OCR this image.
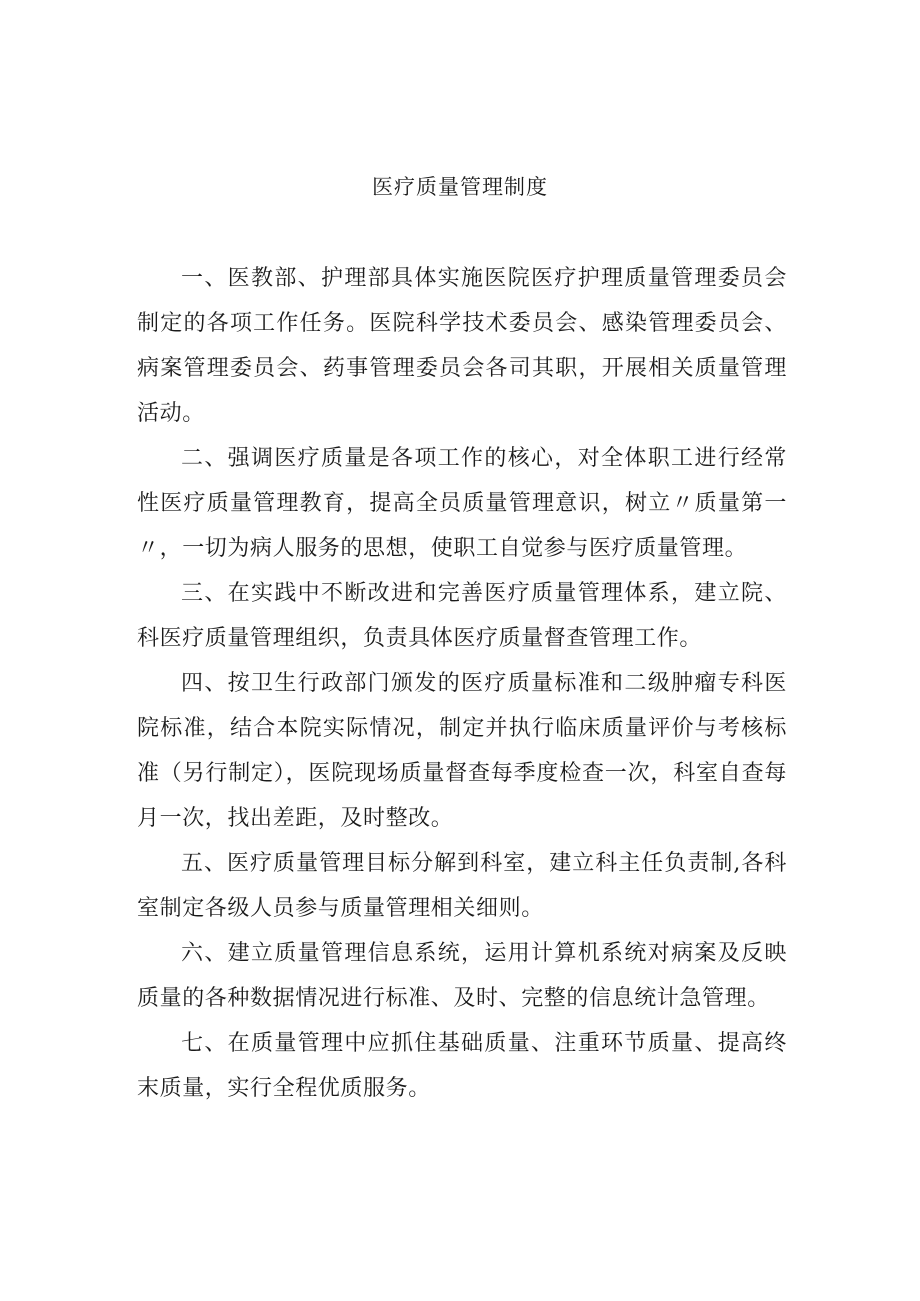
医疗质量管理制度

一、医教部、护理部具体实施医院医疗护理质量管理委员会制定的各项工作任务。医院科学技术委员会、感染管理委员会、病案管理委员会、药事管理委员会各司其职，开展相关质量管理活动。

二、强调医疗质量是各项工作的核心，对全体职工进行经常性医疗质量管理教育，提高全员质量管理意识，树立〃质量第一〃，一切为病人服务的思想，使职工自觉参与医疗质量管理。

三、在实践中不断改进和完善医疗质量管理体系，建立院、科医疗质量管理组织，负责具体医疗质量督查管理工作。

四、按卫生行政部门颁发的医疗质量标准和二级肿瘤专科医院标准，结合本院实际情况，制定并执行临床质量评价与考核标准（另行制定），医院现场质量督查每季度检查一次，科室自查每月一次，找出差距，及时整改。

五、医疗质量管理目标分解到科室，建立科主任负责制,各科室制定各级人员参与质量管理相关细则。

六、建立质量管理信息系统，运用计算机系统对病案及反映质量的各种数据情况进行标准、及时、完整的信息统计急管理。

七、在质量管理中应抓住基础质量、注重环节质量、提高终末质量，实行全程优质服务。
